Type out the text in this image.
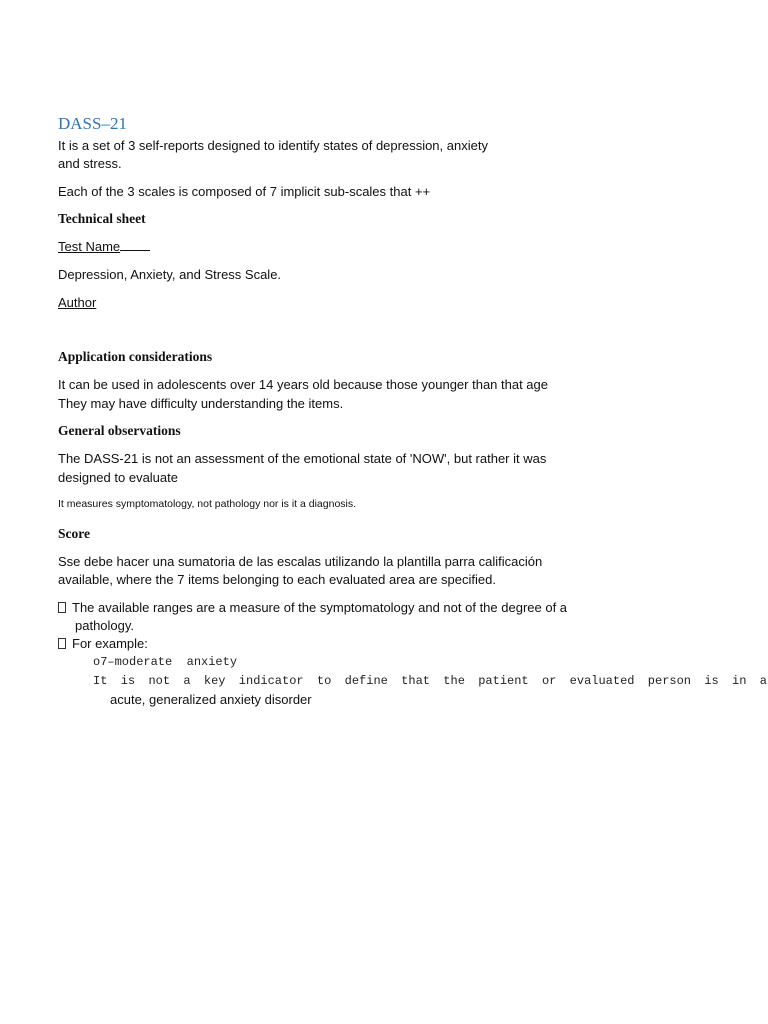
DASS–21
It is a set of 3 self-reports designed to identify states of depression, anxiety
and stress.
Each of the 3 scales is composed of 7 implicit sub-scales that ++
Technical sheet
Test Name
Depression, Anxiety, and Stress Scale.
Author
Application considerations
It can be used in adolescents over 14 years old because those younger than that age
They may have difficulty understanding the items.
General observations
The DASS-21 is not an assessment of the emotional state of 'NOW', but rather it was
designed to evaluate
It measures symptomatology, not pathology nor is it a diagnosis.
Score
Sse debe hacer una sumatoria de las escalas utilizando la plantilla parra calificación
available, where the 7 items belonging to each evaluated area are specified.
The available ranges are a measure of the symptomatology and not of the degree of a
pathology.
For example:
o7–moderate  anxiety
It is not a key indicator to define that the patient or evaluated person is in a
acute, generalized anxiety disorder
